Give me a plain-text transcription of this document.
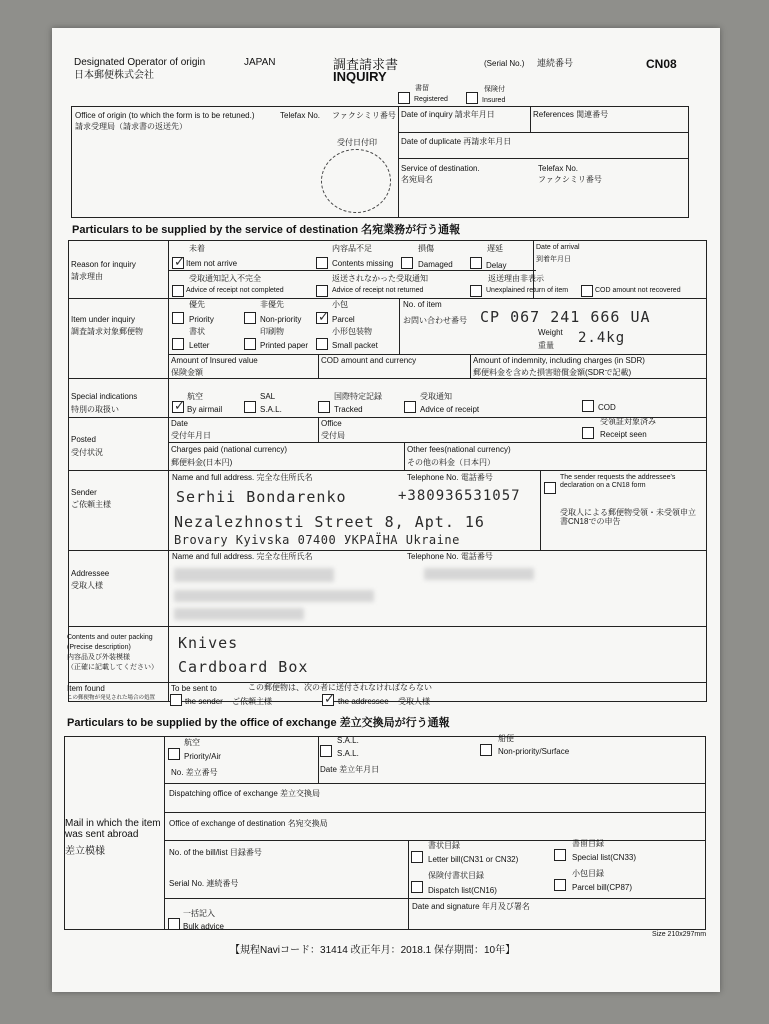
Designated Operator of origin	JAPAN
日本郵便株式会社
調査請求書
INQUIRY
(Serial No.) 連続番号	CN08
書留
Registered
保険付
Insured
Office of origin (to which the form is to be retuned.)
請求受理局（請求書の返送先）
Telefax No. ファクシミリ番号
受付日付印
Date of inquiry 請求年月日	References 関連番号
Date of duplicate 再請求年月日
Service of destination.
名宛局名
Telefax No.
ファクシミリ番号
Particulars to be supplied by the service of destination 名宛業務が行う通報
Reason for inquiry
請求理由
未着
✓
Item not arrive
内容品不足
Contents missing
損傷
Damaged
遅延
Delay
Date of arrival
到着年月日
受取通知記入不完全
Advice of receipt not completed
返送されなかった受取通知
Advice of receipt not returned
返送理由非表示
Unexplained return of item	COD amount not recovered
Item under inquiry
調査請求対象郵便物
優先
Priority
非優先
Non-priority
小包
✓
Parcel
No. of item
お問い合わせ番号 CP 067 241 666 UA
書状
Letter
印刷物
Printed paper
小形包装物
Small packet
Weight
重量 2.4kg
Amount of Insured value
保険金額
COD amount and currency	Amount of indemnity, including charges (in SDR)
郵便料金を含めた損害賠償金額(SDRで記載)
Special indications
特別の取扱い
航空
✓
By airmail
SAL
S.A.L.
国際特定記録
Tracked
受取通知
Advice of receipt	COD
Posted
受付状況
Date
受付年月日
Office
受付局
受領証対象済み
Receipt seen
Charges paid (national currency)
郵便料金(日本円)
Other fees(national currency)
その他の料金（日本円）
Sender
ご依頼主様
Name and full address. 完全な住所氏名	Telephone No. 電話番号
Serhii Bondarenko	+380936531057
Nezalezhnosti Street 8, Apt. 16
Brovary Kyivska 07400 УКРАЇНА Ukraine
The sender requests the addressee's declaration on a CN18 form
受取人による郵便物受領・未受領申立書CN18での申告
Addressee
受取人様
Name and full address. 完全な住所氏名	Telephone No. 電話番号
Contents and outer packing
(Precise description)
内容品及び外装模様
（正確に記載してください）
Knives
Cardboard Box
Item found
この郵便物が発見された場合の処置
To be sent to	この郵便物は、次の者に送付されなければならない
the sender ご依頼主様
✓	the addressee 受取人様
Particulars to be supplied by the office of exchange 差立交換局が行う通報
Mail in which the item was sent abroad
差立模様
航空
Priority/Air
No. 差立番号
S.A.L.
S.A.L.
Date 差立年月日
船便
Non-priority/Surface
Dispatching office of exchange 差立交換局
Office of exchange of destination 名宛交換局
No. of the bill/list 目録番号
Serial No. 連続番号
書状目録
Letter bill(CN31 or CN32)
書留目録
Special list(CN33)
保険付書状目録
Dispatch list(CN16)
小包目録
Parcel bill(CP87)
一括記入
Bulk advice
Date and signature 年月及び署名
Size 210x297mm
【規程Naviコード：31414 改正年月：2018.1 保存期間：10年】
